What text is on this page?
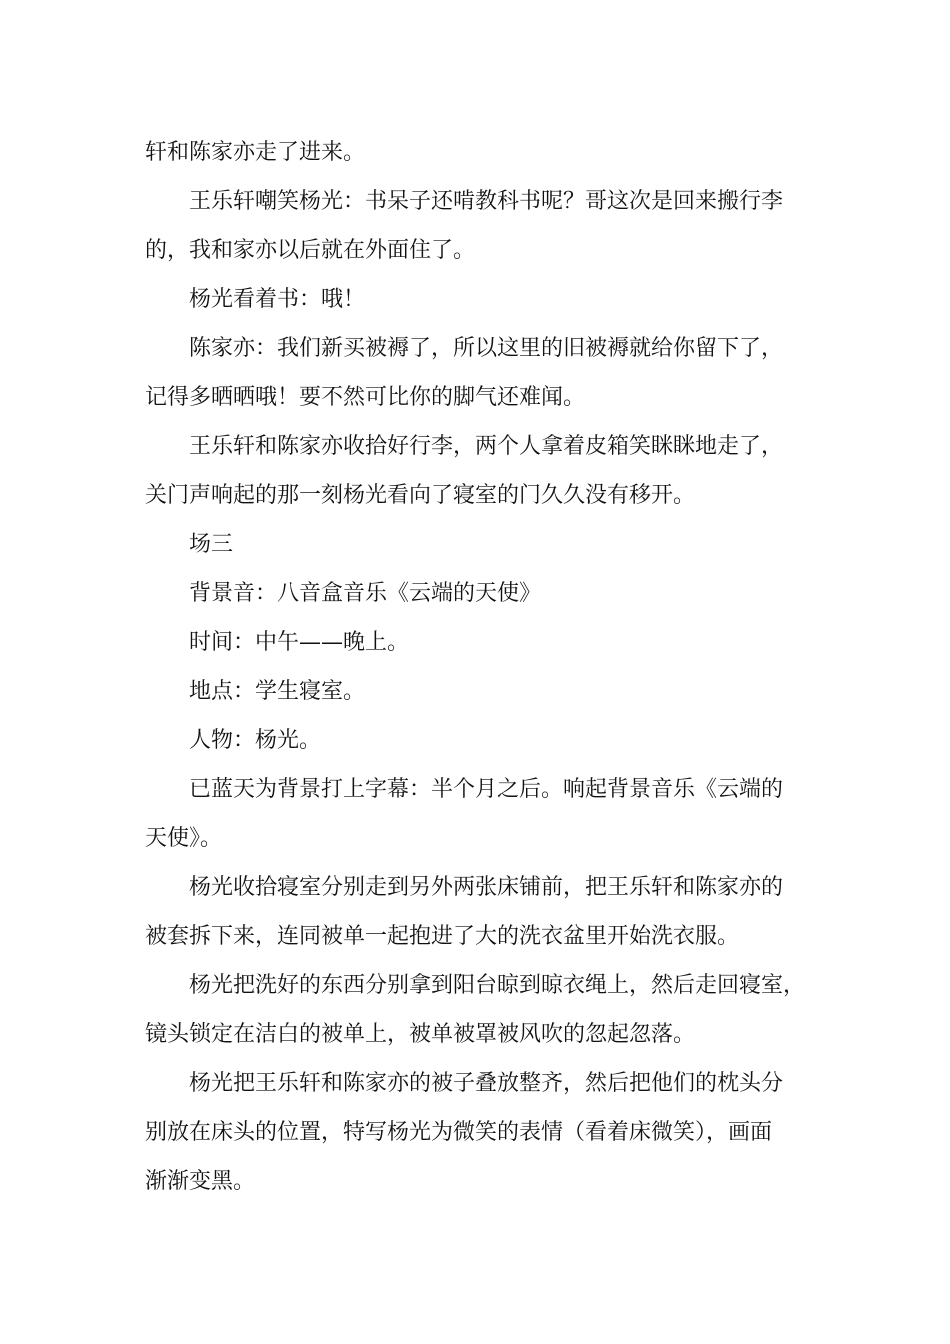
轩和陈家亦走了进来。

王乐轩嘲笑杨光：书呆子还啃教科书呢？哥这次是回来搬行李
的，我和家亦以后就在外面住了。

杨光看着书：哦！

陈家亦：我们新买被褥了，所以这里的旧被褥就给你留下了，
记得多晒晒哦！要不然可比你的脚气还难闻。

王乐轩和陈家亦收拾好行李，两个人拿着皮箱笑眯眯地走了，
关门声响起的那一刻杨光看向了寝室的门久久没有移开。

场三

背景音：八音盒音乐《云端的天使》

时间：中午——晚上。

地点：学生寝室。

人物：杨光。

已蓝天为背景打上字幕：半个月之后。响起背景音乐《云端的
天使》。

杨光收拾寝室分别走到另外两张床铺前，把王乐轩和陈家亦的
被套拆下来，连同被单一起抱进了大的洗衣盆里开始洗衣服。

杨光把洗好的东西分别拿到阳台晾到晾衣绳上，然后走回寝室，
镜头锁定在洁白的被单上，被单被罩被风吹的忽起忽落。

杨光把王乐轩和陈家亦的被子叠放整齐，然后把他们的枕头分
别放在床头的位置，特写杨光为微笑的表情（看着床微笑），画面
渐渐变黑。
